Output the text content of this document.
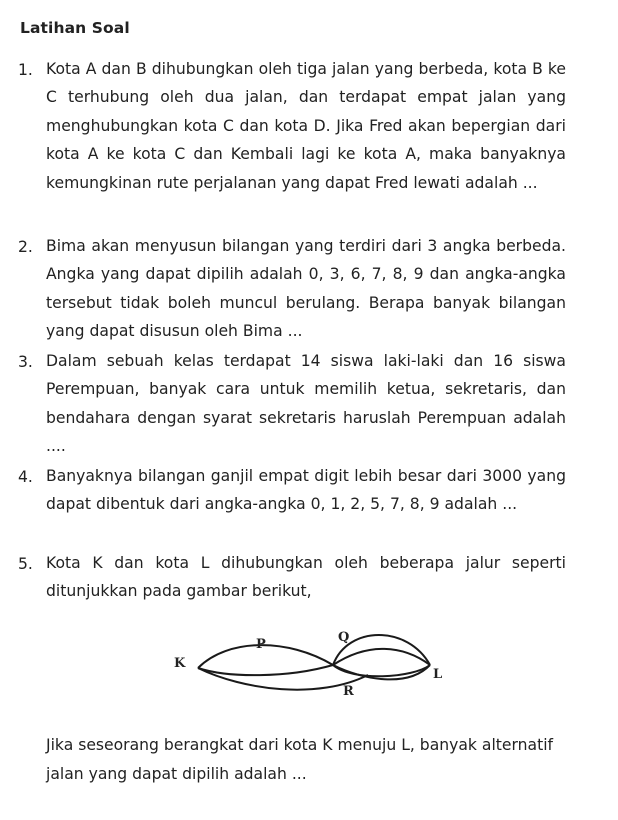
Latihan Soal
1. Kota A dan B dihubungkan oleh tiga jalan yang berbeda, kota B ke C terhubung oleh dua jalan, dan terdapat empat jalan yang menghubungkan kota C dan kota D. Jika Fred akan bepergian dari kota A ke kota C dan Kembali lagi ke kota A, maka banyaknya kemungkinan rute perjalanan yang dapat Fred lewati adalah ...
2. Bima akan menyusun bilangan yang terdiri dari 3 angka berbeda. Angka yang dapat dipilih adalah 0, 3, 6, 7, 8, 9 dan angka-angka tersebut tidak boleh muncul berulang. Berapa banyak bilangan yang dapat disusun oleh Bima ...
3. Dalam sebuah kelas terdapat 14 siswa laki-laki dan 16 siswa Perempuan, banyak cara untuk memilih ketua, sekretaris, dan bendahara dengan syarat sekretaris haruslah Perempuan adalah ....
4. Banyaknya bilangan ganjil empat digit lebih besar dari 3000 yang dapat dibentuk dari angka-angka 0, 1, 2, 5, 7, 8, 9 adalah ...
5. Kota K dan kota L dihubungkan oleh beberapa jalur seperti ditunjukkan pada gambar berikut,
K
P	Q
R
L
Jika seseorang berangkat dari kota K menuju L, banyak alternatif jalan yang dapat dipilih adalah ...
